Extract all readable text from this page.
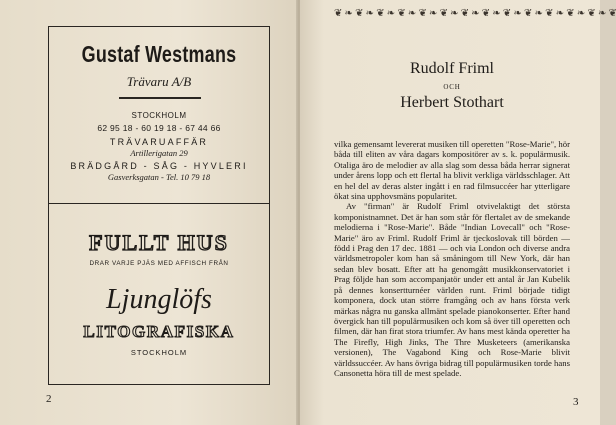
Gustaf Westmans
Trävaru A/B
STOCKHOLM
62 95 18 - 60 19 18 - 67 44 66
TRÄVARUAFFÄR
Artillerigatan 29
BRÄDGÅRD - SÅG - HYVLERI
Gasverksgatan - Tel. 10 79 18
FULLT HUS
DRAR VARJE PJÄS MED AFFISCH FRÅN
Ljunglöfs
LITOGRAFISKA
STOCKHOLM
2
❦ ❧ ❦ ❧ ❦ ❧ ❦ ❧ ❦ ❧ ❦ ❧ ❦ ❧ ❦ ❧ ❦ ❧ ❦ ❧ ❦ ❧ ❦ ❧ ❦ ❧ ❦
Rudolf Friml
OCH
Herbert Stothart

vilka gemensamt levererat musiken till operetten "Rose-Marie", hör båda till eliten av våra dagars kompositörer av s. k. populärmusik. Otaliga äro de melodier av alla slag som dessa båda herrar signerat under årens lopp och ett flertal ha blivit verkliga världsschlager. Att en hel del av deras alster ingått i en rad filmsuccéer har ytterligare ökat sina upphovsmäns popularitet.

Av "firman" är Rudolf Friml otvivelaktigt det största komponistnamnet. Det är han som står för flertalet av de smekande melodierna i "Rose-Marie". Både "Indian Lovecall" och "Rose-Marie" äro av Friml. Rudolf Friml är tjeckoslovak till börden — född i Prag den 17 dec. 1881 — och via London och diverse andra världsmetropoler kom han så småningom till New York, där han sedan blev bosatt. Efter att ha genomgått musikkonservatoriet i Prag följde han som accompanjatör under ett antal år Jan Kubelik på dennes konsertturnéer världen runt. Friml började tidigt komponera, dock utan större framgång och av hans första verk märkas några nu ganska allmänt spelade pianokonserter. Efter hand övergick han till populärmusiken och kom så över till operetten och filmen, där han firat stora triumfer. Av hans mest kända operetter ha The Firefly, High Jinks, The Thre Musketeers (amerikanska versionen), The Vagabond King och Rose-Marie blivit världssuccéer. Av hans övriga bidrag till populärmusiken torde hans Cansonetta höra till de mest spelade.

3
